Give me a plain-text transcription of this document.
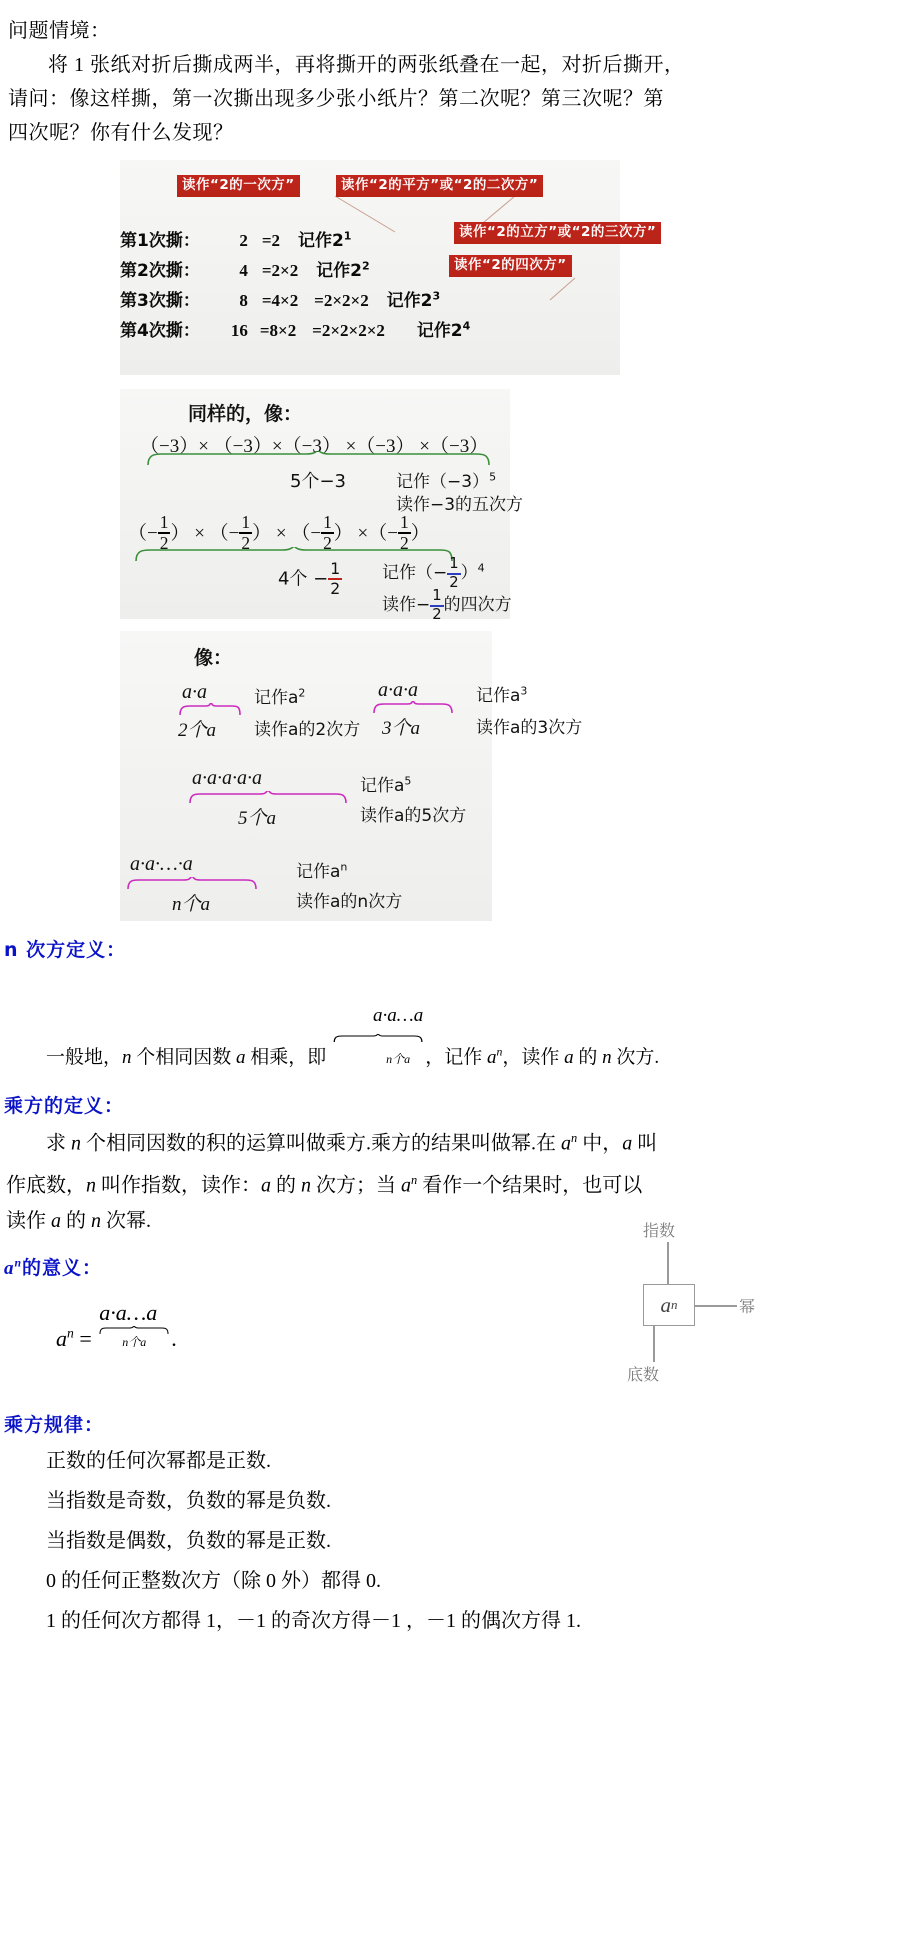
问题情境：
将 1 张纸对折后撕成两半，再将撕开的两张纸叠在一起，对折后撕开，
请问：像这样撕，第一次撕出现多少张小纸片？第二次呢？第三次呢？第
四次呢？你有什么发现？
读作“2的一次方”	读作“2的平方”或“2的二次方”
读作“2的立方”或“2的三次方”
读作“2的四次方”
第1次撕： 2 =2 记作$2^1$
第2次撕： 4 =2×2 记作$2^2$
第3次撕： 8 =4×2 =2×2×2 记作$2^3$
第4次撕： 16 =8×2 =2×2×2×2 记作$2^4$
同样的，像：
（−3）× （−3）×（−3） ×（−3） ×（−3）
5个−3	记作$(-3)^5$
读作−3的五次方
（− $\frac{1}{2}$ ） × （− $\frac{1}{2}$ ） × （− $\frac{1}{2}$ ） ×（− $\frac{1}{2}$ ）
4个 − $\frac{1}{2}$ 记作（− $\frac{1}{2} )^4$
读作− $\frac{1}{2}$ 的四次方
像：
a·a
2个a
记作$a^2$
读作a的2次方
a·a·a
3个a
记作$a^3$
读作a的3次方
a·a·a·a·a
5个a
记作$a^5$
读作a的5次方
a·a·…·a
n个a
记作$a^n$
读作a的n次方
n 次方定义：
一般地，n 个相同因数 a 相乘，即
a·a…a
n个a ，记作 $a^n$，读作 a 的 n 次方.
乘方的定义：
求 n 个相同因数的积的运算叫做乘方.乘方的结果叫做幂.在 $a^n$ 中，a 叫
作底数，n 叫作指数，读作：a 的 n 次方；当 $a^n$ 看作一个结果时，也可以
读作 a 的 n 次幂.
$a^n$的意义：
$a^n$ =
a·a…a
n个a	.
指数
a n	幂
底数
乘方规律：
正数的任何次幂都是正数.
当指数是奇数，负数的幂是负数.
当指数是偶数，负数的幂是正数.
0 的任何正整数次方（除 0 外）都得 0.
1 的任何次方都得 1，－1 的奇次方得－1 ，－1 的偶次方得 1.
